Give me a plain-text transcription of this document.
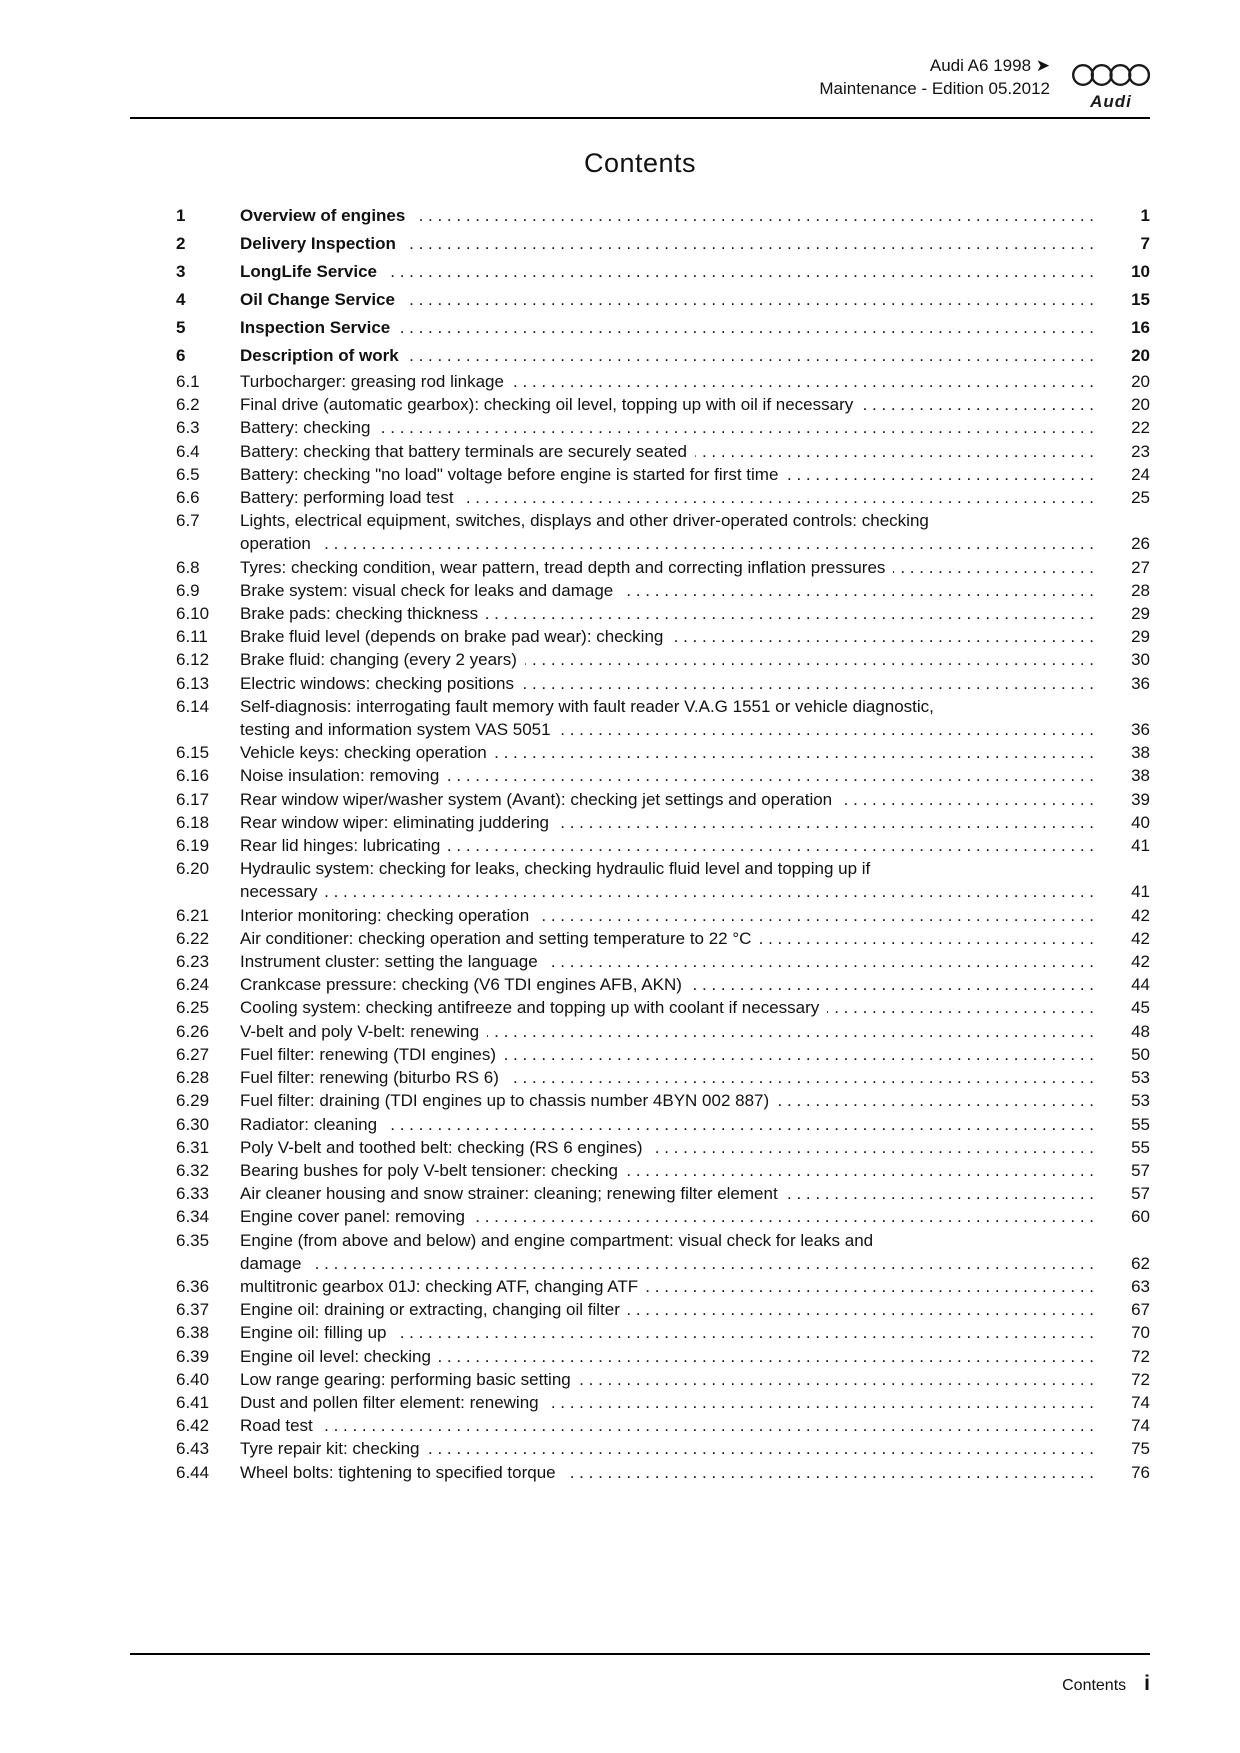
Audi A6 1998 ➤
Maintenance - Edition 05.2012
Audi
Contents
1	Overview of engines . . .	1
2	Delivery Inspection . . .	7
3	LongLife Service . . .	10
4	Oil Change Service . . .	15
5	Inspection Service . . .	16
6	Description of work . . .	20
6.1	Turbocharger: greasing rod linkage . . .	20
6.2	Final drive (automatic gearbox): checking oil level, topping up with oil if necessary . . .	20
6.3	Battery: checking . . .	22
6.4	Battery: checking that battery terminals are securely seated . . .	23
6.5	Battery: checking "no load" voltage before engine is started for first time . . .	24
6.6	Battery: performing load test . . .	25
6.7	Lights, electrical equipment, switches, displays and other driver-operated controls: checking
operation . . .	26
6.8	Tyres: checking condition, wear pattern, tread depth and correcting inflation pressures . . .	27
6.9	Brake system: visual check for leaks and damage . . .	28
6.10	Brake pads: checking thickness . . .	29
6.11	Brake fluid level (depends on brake pad wear): checking . . .	29
6.12	Brake fluid: changing (every 2 years) . . .	30
6.13	Electric windows: checking positions . . .	36
6.14	Self-diagnosis: interrogating fault memory with fault reader V.A.G 1551 or vehicle diagnostic,
testing and information system VAS 5051 . . .	36
6.15	Vehicle keys: checking operation . . .	38
6.16	Noise insulation: removing . . .	38
6.17	Rear window wiper/washer system (Avant): checking jet settings and operation . . .	39
6.18	Rear window wiper: eliminating juddering . . .	40
6.19	Rear lid hinges: lubricating . . .	41
6.20	Hydraulic system: checking for leaks, checking hydraulic fluid level and topping up if
necessary . . .	41
6.21	Interior monitoring: checking operation . . .	42
6.22	Air conditioner: checking operation and setting temperature to 22 °C . . .	42
6.23	Instrument cluster: setting the language . . .	42
6.24	Crankcase pressure: checking (V6 TDI engines AFB, AKN) . . .	44
6.25	Cooling system: checking antifreeze and topping up with coolant if necessary . . .	45
6.26	V-belt and poly V-belt: renewing . . .	48
6.27	Fuel filter: renewing (TDI engines) . . .	50
6.28	Fuel filter: renewing (biturbo RS 6) . . .	53
6.29	Fuel filter: draining (TDI engines up to chassis number 4BYN 002 887) . . .	53
6.30	Radiator: cleaning . . .	55
6.31	Poly V-belt and toothed belt: checking (RS 6 engines) . . .	55
6.32	Bearing bushes for poly V-belt tensioner: checking . . .	57
6.33	Air cleaner housing and snow strainer: cleaning; renewing filter element . . .	57
6.34	Engine cover panel: removing . . .	60
6.35	Engine (from above and below) and engine compartment: visual check for leaks and
damage . . .	62
6.36	multitronic gearbox 01J: checking ATF, changing ATF . . .	63
6.37	Engine oil: draining or extracting, changing oil filter . . .	67
6.38	Engine oil: filling up . . .	70
6.39	Engine oil level: checking . . .	72
6.40	Low range gearing: performing basic setting . . .	72
6.41	Dust and pollen filter element: renewing . . .	74
6.42	Road test . . .	74
6.43	Tyre repair kit: checking . . .	75
6.44	Wheel bolts: tightening to specified torque . . .	76
Contents i
